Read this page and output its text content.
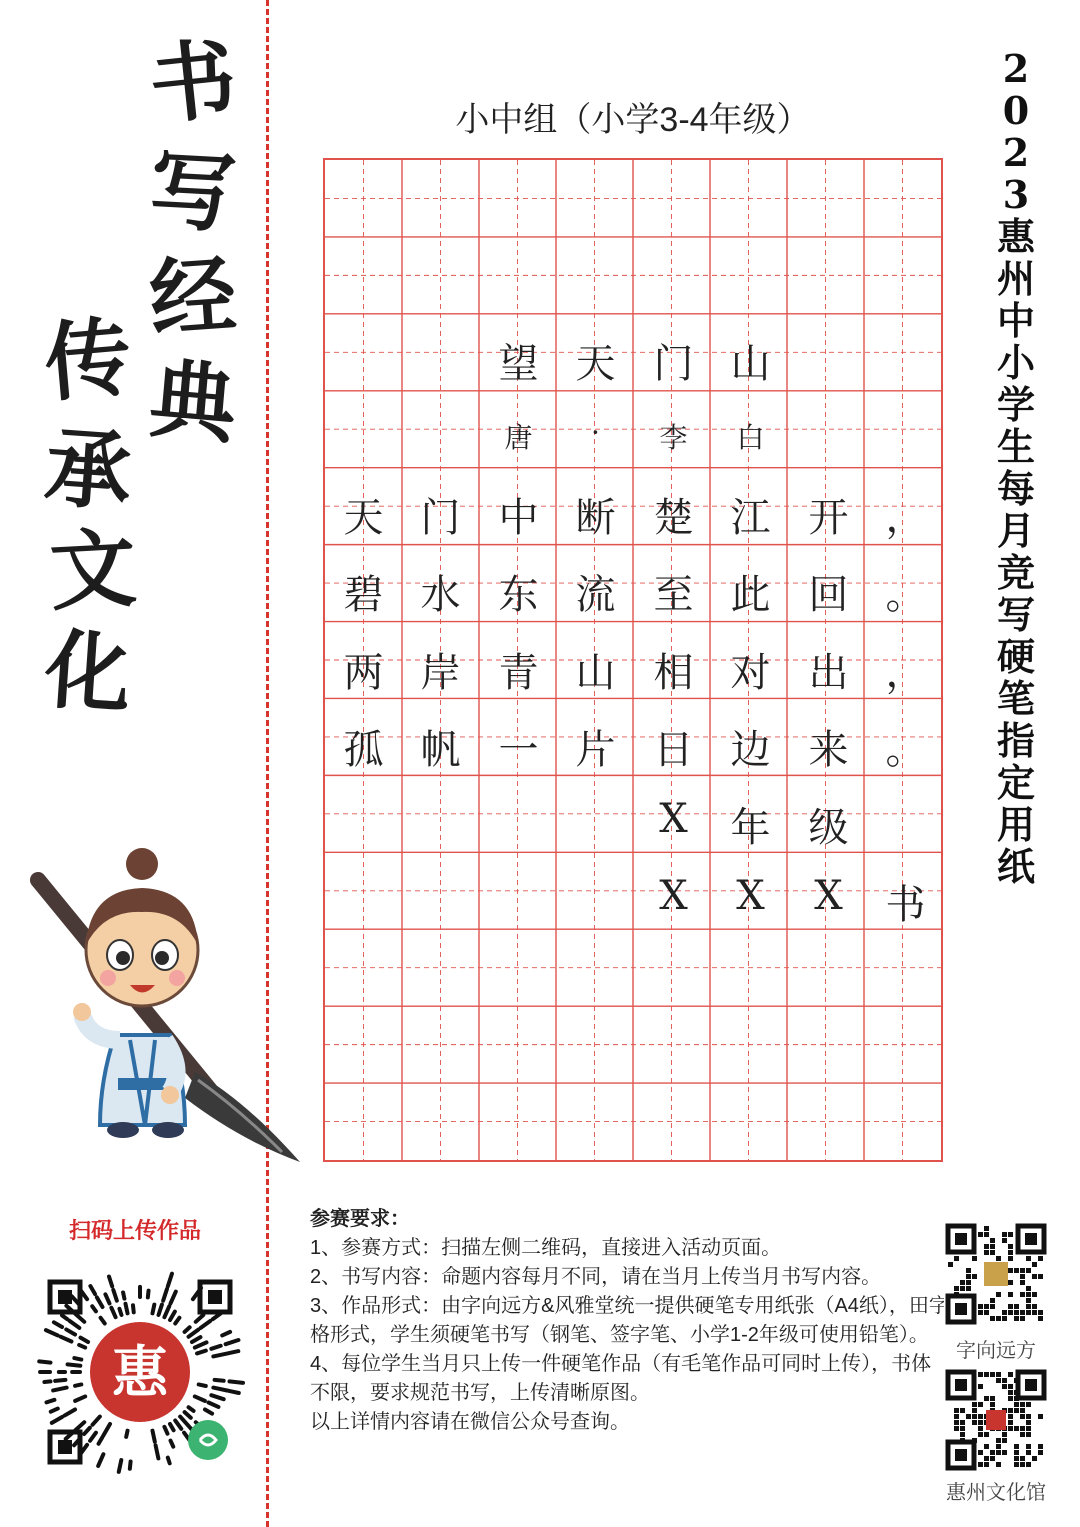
书
写
经
典
传
承
文
化
2023惠州中小学生每月竞写硬笔指定用纸
小中组（小学3-4年级）
望 天 门 山
唐	·	李	白
天 门 中 断 楚 江 开 ，
碧 水 东 流 至 此 回 。
两 岸 青 山 相 对 出 ，
孤 帆 一 片 日 边 来 。
X	年 级
X	X	X	书
扫码上传作品
惠
参赛要求：
1、参赛方式：扫描左侧二维码，直接进入活动页面。
2、书写内容：命题内容每月不同，请在当月上传当月书写内容。
3、作品形式：由字向远方&风雅堂统一提供硬笔专用纸张（A4纸），田字格形式，学生须硬笔书写（钢笔、签字笔、小学1-2年级可使用铅笔）。
4、每位学生当月只上传一件硬笔作品（有毛笔作品可同时上传），书体不限，要求规范书写，上传清晰原图。
以上详情内容请在微信公众号查询。
字向远方
惠州文化馆
